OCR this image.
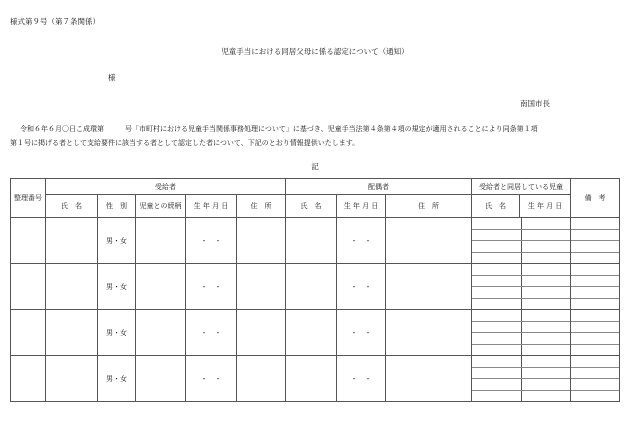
様式第９号（第７条関係）
児童手当における同居父母に係る認定について（通知）
様
南国市長
令和６年６月〇日こ成環第　　　号「市町村における児童手当関係事務処理について」に基づき、児童手当法第４条第４項の規定が適用されることにより同条第１項
第１号に掲げる者として支給要件に該当する者として認定した者について、下記のとおり情報提供いたします。
記
整理番号	受給者	配偶者	受給者と同居している児童	備　考
氏　名	性　別	児童との続柄	生 年 月 日	住　所	氏　名	生 年 月 日	住　所	氏　名	生 年 月 日
		男・女		・　・			・　・		

		男・女		・　・			・　・		

		男・女		・　・			・　・		

		男・女		・　・			・　・		
